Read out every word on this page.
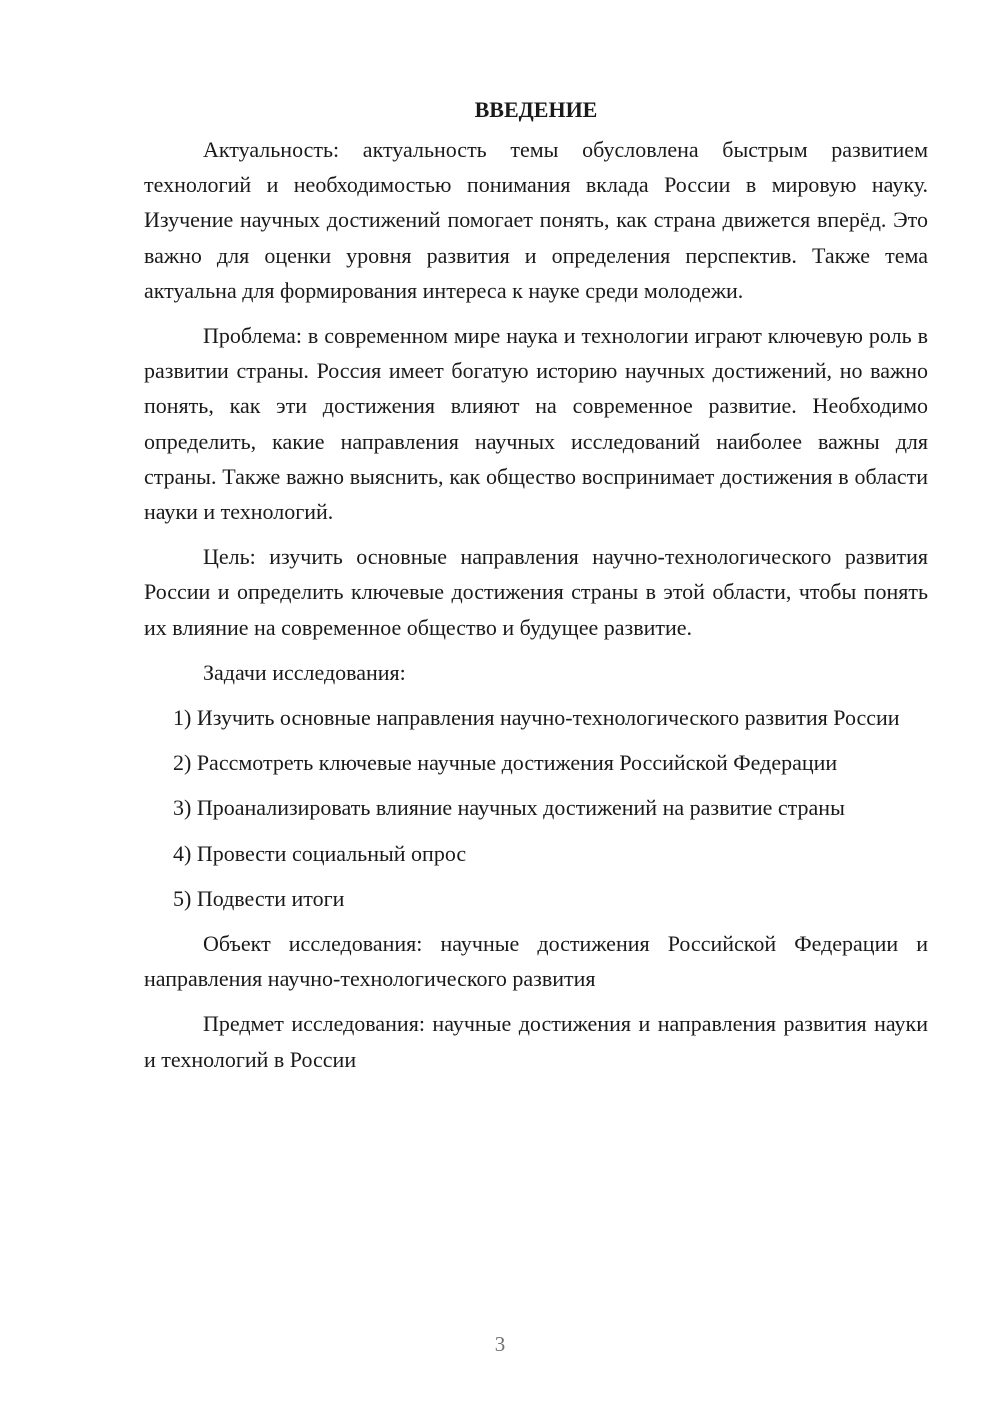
ВВЕДЕНИЕ

Актуальность: актуальность темы обусловлена быстрым развитием технологий и необходимостью понимания вклада России в мировую науку. Изучение научных достижений помогает понять, как страна движется вперёд. Это важно для оценки уровня развития и определения перспектив. Также тема актуальна для формирования интереса к науке среди молодежи.

Проблема: в современном мире наука и технологии играют ключевую роль в развитии страны. Россия имеет богатую историю научных достижений, но важно понять, как эти достижения влияют на современное развитие. Необходимо определить, какие направления научных исследований наиболее важны для страны. Также важно выяснить, как общество воспринимает достижения в области науки и технологий.

Цель: изучить основные направления научно-технологического развития России и определить ключевые достижения страны в этой области, чтобы понять их влияние на современное общество и будущее развитие.

Задачи исследования:

1) Изучить основные направления научно-технологического развития России

2) Рассмотреть ключевые научные достижения Российской Федерации

3) Проанализировать влияние научных достижений на развитие страны

4) Провести социальный опрос

5) Подвести итоги

Объект исследования: научные достижения Российской Федерации и направления научно-технологического развития

Предмет исследования: научные достижения и направления развития науки и технологий в России

3
